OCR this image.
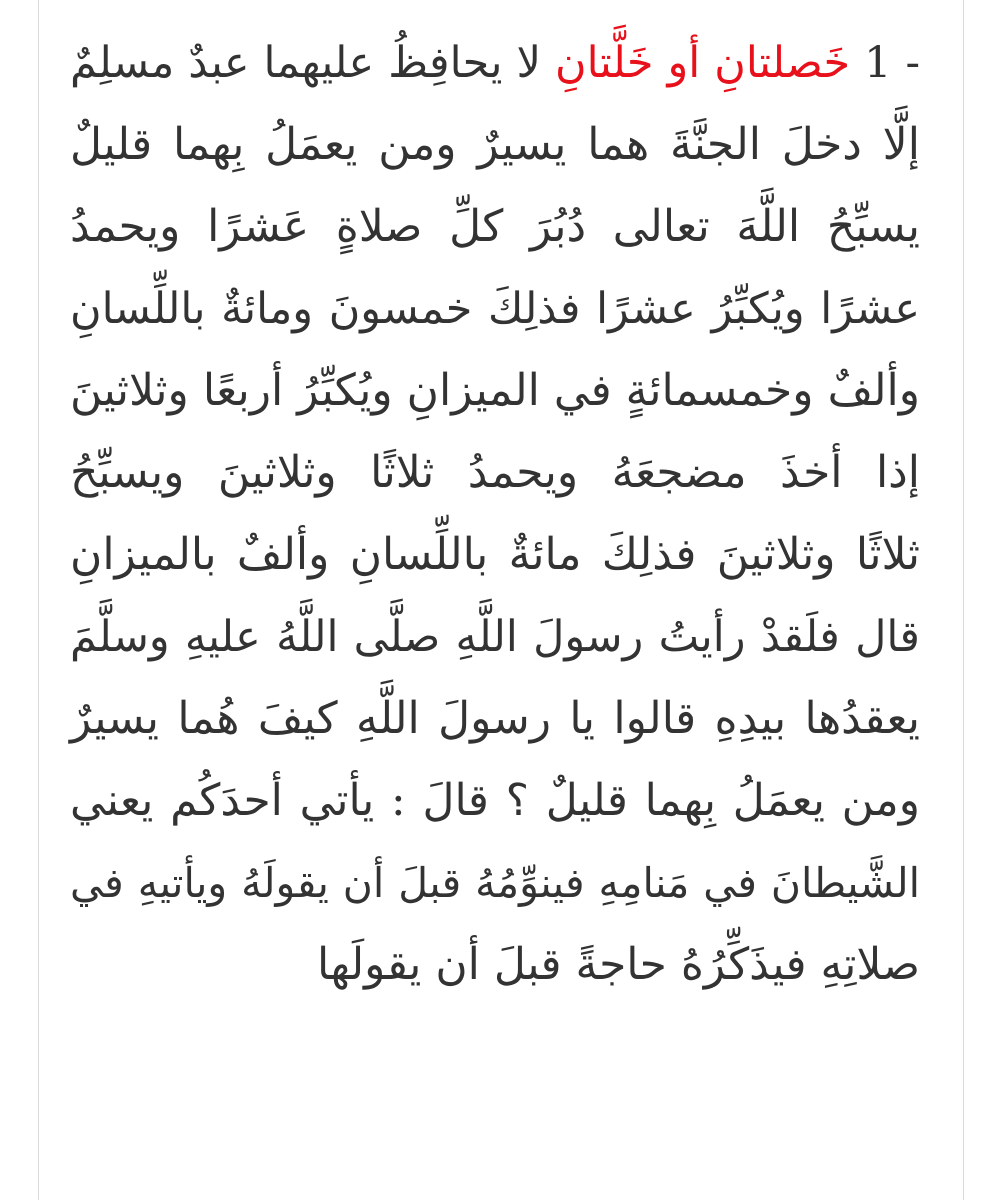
1 - خَصلتانِ أو خَلَّتانِ لا يحافِظُ عليهما عبدٌ مسلِمٌ
إلَّا دخلَ الجنَّةَ هما يسيرٌ ومن يعمَلُ بِهما قليلٌ
يسبِّحُ اللَّهَ تعالى دُبُرَ كلِّ صلاةٍ عَشرًا ويحمدُ
عشرًا ويُكبِّرُ عشرًا فذلِكَ خمسونَ ومائةٌ باللِّسانِ
وألفٌ وخمسمائةٍ في الميزانِ ويُكبِّرُ أربعًا وثلاثينَ
إذا أخذَ مضجعَهُ ويحمدُ ثلاثًا وثلاثينَ ويسبِّحُ
ثلاثًا وثلاثينَ فذلِكَ مائةٌ باللِّسانِ وألفٌ بالميزانِ
قال فلَقدْ رأيتُ رسولَ اللَّهِ صلَّى اللَّهُ عليهِ وسلَّمَ
يعقدُها بيدِهِ قالوا يا رسولَ اللَّهِ كيفَ هُما يسيرٌ
ومن يعمَلُ بِهما قليلٌ ؟ قالَ : يأتي أحدَكُم يعني
الشَّيطانَ في مَنامِهِ فينوِّمُهُ قبلَ أن يقولَهُ ويأتيهِ في
صلاتِهِ فيذَكِّرُهُ حاجةً قبلَ أن يقولَها
